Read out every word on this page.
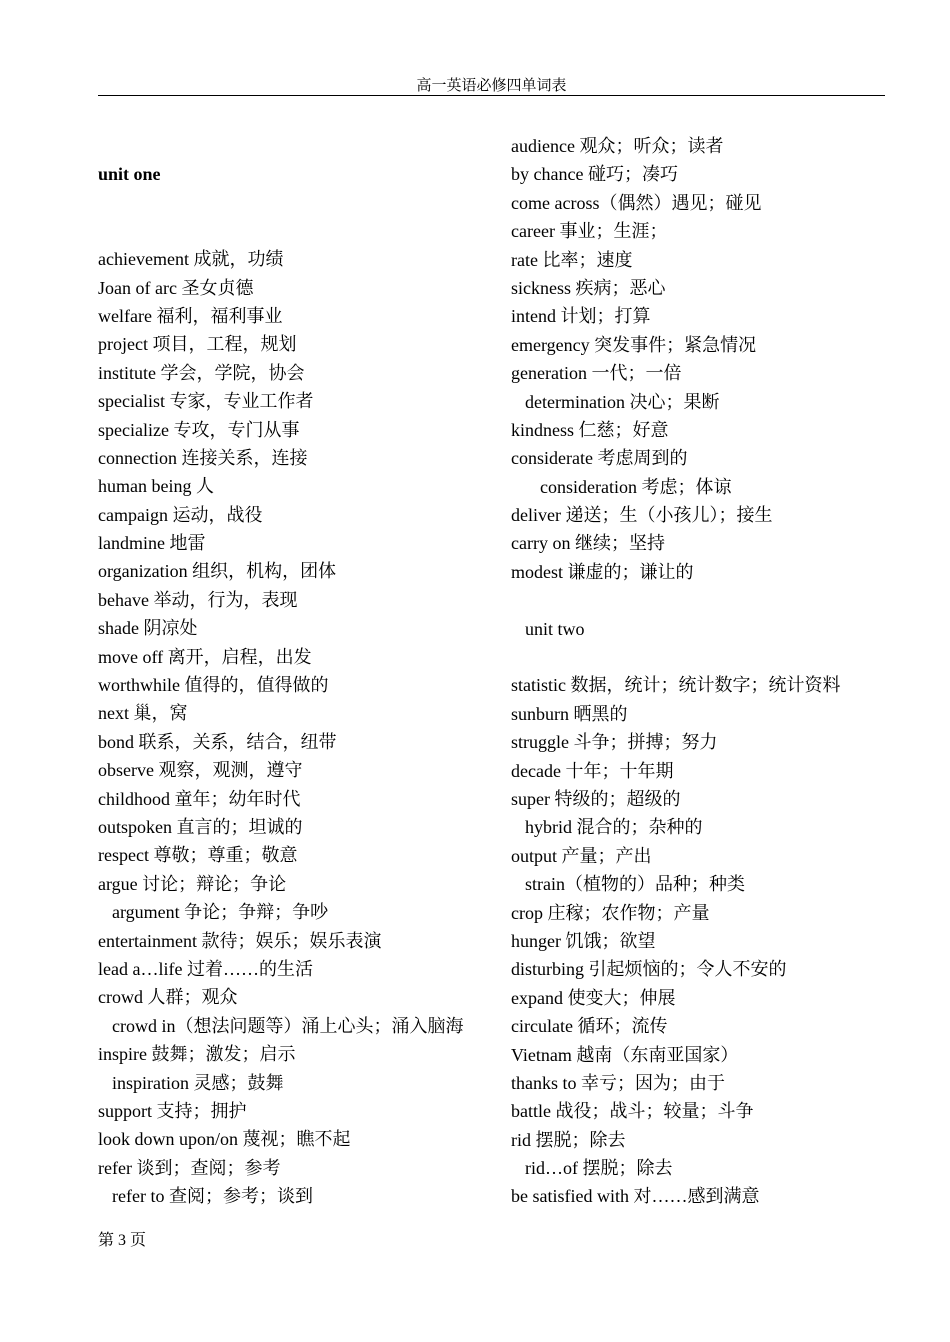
高一英语必修四单词表
unit one
achievement 成就，功绩
Joan of arc 圣女贞德
welfare 福利，福利事业
project 项目，工程，规划
institute 学会，学院，协会
specialist 专家，专业工作者
specialize 专攻，专门从事
connection 连接关系，连接
human being 人
campaign 运动，战役
landmine 地雷
organization 组织，机构，团体
behave 举动，行为，表现
shade 阴凉处
move off 离开，启程，出发
worthwhile 值得的，值得做的
next 巢，窝
bond 联系，关系，结合，纽带
observe 观察，观测，遵守
childhood 童年；幼年时代
outspoken 直言的；坦诚的
respect 尊敬；尊重；敬意
argue 讨论；辩论；争论
argument 争论；争辩；争吵
entertainment 款待；娱乐；娱乐表演
lead a…life 过着……的生活
crowd 人群；观众
crowd in（想法问题等）涌上心头；涌入脑海
inspire 鼓舞；激发；启示
inspiration 灵感；鼓舞
support 支持；拥护
look down upon/on 蔑视；瞧不起
refer 谈到；查阅；参考
refer to 查阅；参考；谈到
audience 观众；听众；读者
by chance 碰巧；凑巧
come across（偶然）遇见；碰见
career 事业；生涯；
rate 比率；速度
sickness 疾病；恶心
intend 计划；打算
emergency 突发事件；紧急情况
generation 一代；一倍
determination 决心；果断
kindness 仁慈；好意
considerate 考虑周到的
consideration 考虑；体谅
deliver 递送；生（小孩儿）；接生
carry on 继续；坚持
modest 谦虚的；谦让的
unit two
statistic 数据，统计；统计数字；统计资料
sunburn 晒黑的
struggle 斗争；拼搏；努力
decade 十年；十年期
super 特级的；超级的
hybrid 混合的；杂种的
output 产量；产出
strain（植物的）品种；种类
crop 庄稼；农作物；产量
hunger 饥饿；欲望
disturbing 引起烦恼的；令人不安的
expand 使变大；伸展
circulate 循环；流传
Vietnam 越南（东南亚国家）
thanks to 幸亏；因为；由于
battle 战役；战斗；较量；斗争
rid 摆脱；除去
rid…of 摆脱；除去
be satisfied with 对……感到满意
第 3 页
